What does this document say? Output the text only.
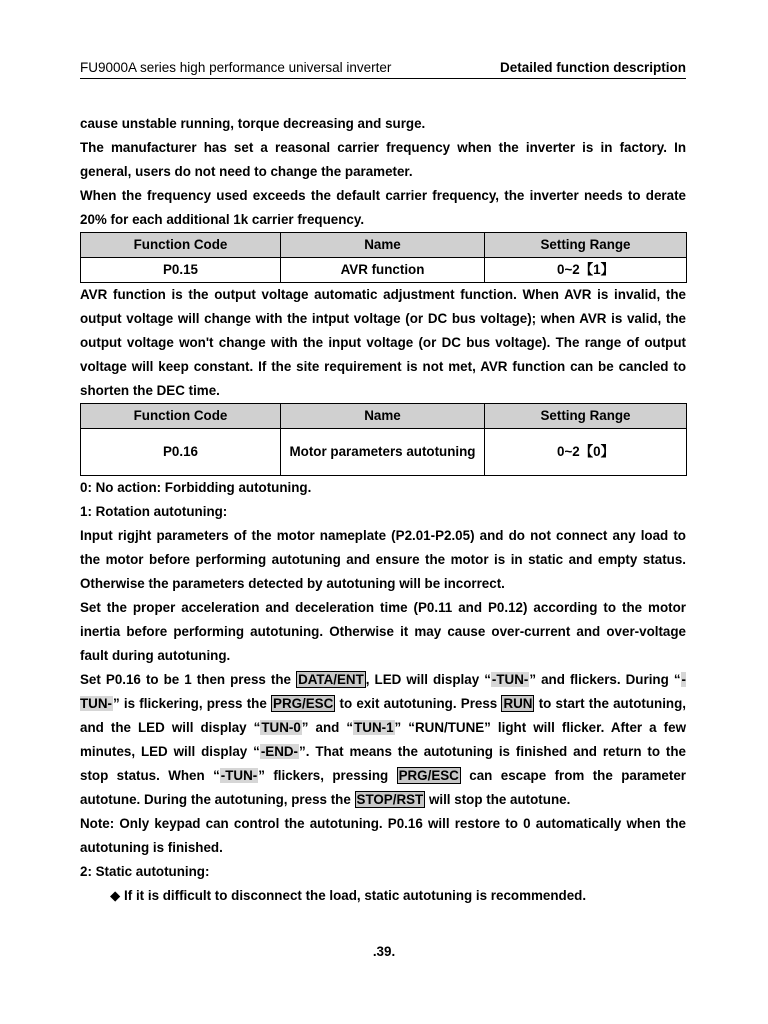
FU9000A series high performance universal inverter	Detailed function description

cause unstable running, torque decreasing and surge.

The manufacturer has set a reasonal carrier frequency when the inverter is in factory. In general, users do not need to change the parameter.

When the frequency used exceeds the default carrier frequency, the inverter needs to derate 20% for each additional 1k carrier frequency.

Function Code	Name	Setting Range
P0.15	AVR function	0~2【1】

AVR function is the output voltage automatic adjustment function. When AVR is invalid, the output voltage will change with the intput voltage (or DC bus voltage); when AVR is valid, the output voltage won't change with the input voltage (or DC bus voltage). The range of output voltage will keep constant. If the site requirement is not met, AVR function can be cancled to shorten the DEC time.

Function Code	Name	Setting Range
P0.16	Motor parameters autotuning	0~2【0】

0: No action: Forbidding autotuning.

1: Rotation autotuning:

Input rigjht parameters of the motor nameplate (P2.01-P2.05) and do not connect any load to the motor before performing autotuning and ensure the motor is in static and empty status. Otherwise the parameters detected by autotuning will be incorrect.

Set the proper acceleration and deceleration time (P0.11 and P0.12) according to the motor inertia before performing autotuning. Otherwise it may cause over-current and over-voltage fault during autotuning.

Set P0.16 to be 1 then press the DATA/ENT , LED will display “-TUN-” and flickers. During “-TUN-” is flickering, press the PRG/ESC to exit autotuning. Press RUN to start the autotuning, and the LED will display “TUN-0” and “TUN-1” “RUN/TUNE” light will flicker. After a few minutes, LED will display “-END-”. That means the autotuning is finished and return to the stop status. When “-TUN-” flickers, pressing PRG/ESC can escape from the parameter autotune. During the autotuning, press the STOP/RST will stop the autotune.

Note: Only keypad can control the autotuning. P0.16 will restore to 0 automatically when the autotuning is finished.

2: Static autotuning:

◆ If it is difficult to disconnect the load, static autotuning is recommended.

.39.
